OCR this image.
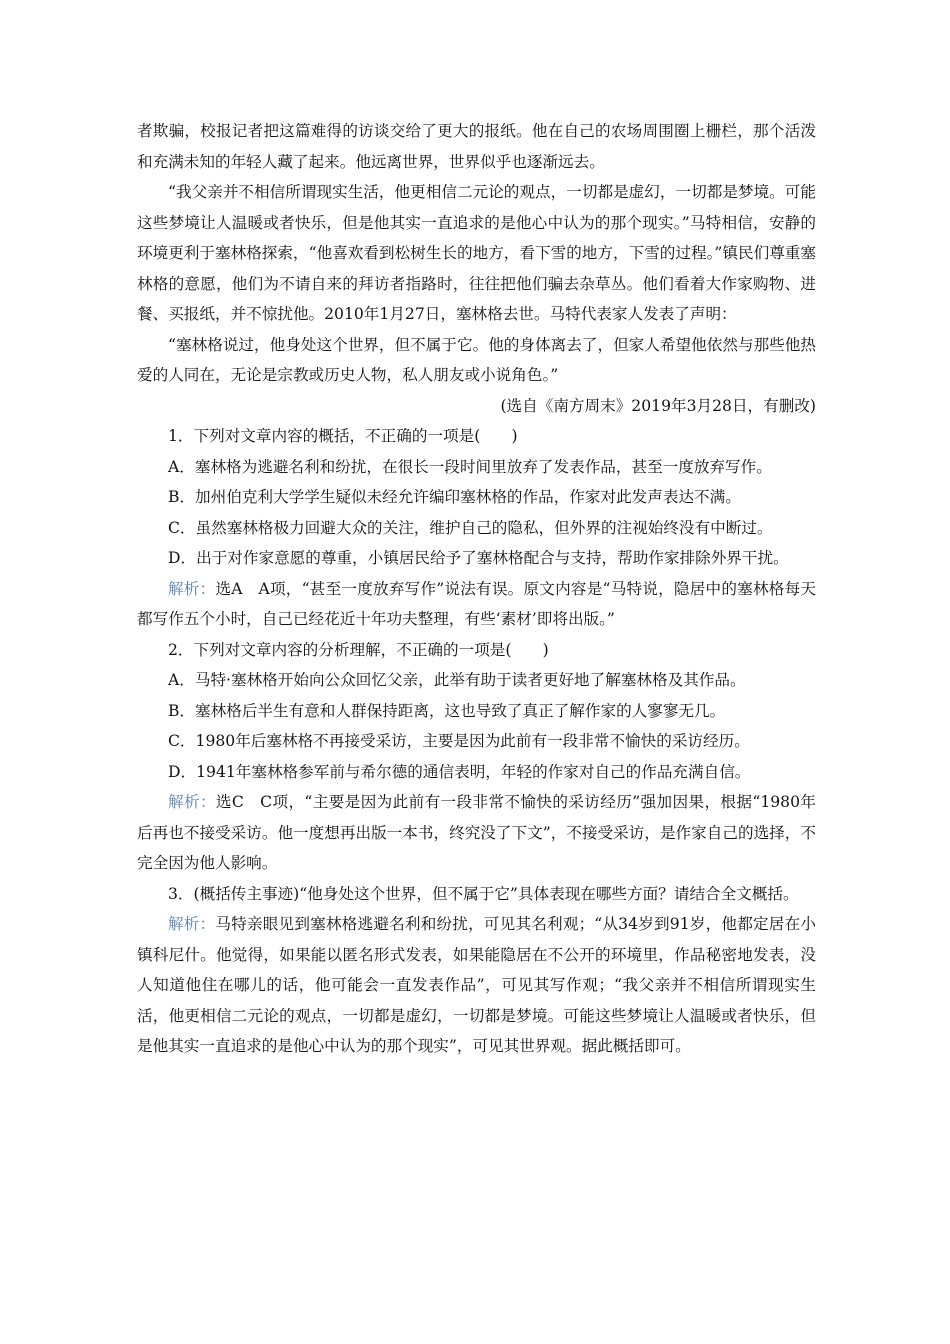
者欺骗，校报记者把这篇难得的访谈交给了更大的报纸。他在自己的农场周围圈上栅栏，那个活泼和充满未知的年轻人藏了起来。他远离世界，世界似乎也逐渐远去。

“我父亲并不相信所谓现实生活，他更相信二元论的观点，一切都是虚幻，一切都是梦境。可能这些梦境让人温暖或者快乐，但是他其实一直追求的是他心中认为的那个现实。”马特相信，安静的环境更利于塞林格探索，“他喜欢看到松树生长的地方，看下雪的地方，下雪的过程。”镇民们尊重塞林格的意愿，他们为不请自来的拜访者指路时，往往把他们骗去杂草丛。他们看着大作家购物、进餐、买报纸，并不惊扰他。2010年1月27日，塞林格去世。马特代表家人发表了声明：

“塞林格说过，他身处这个世界，但不属于它。他的身体离去了，但家人希望他依然与那些他热爱的人同在，无论是宗教或历史人物，私人朋友或小说角色。”

(选自《南方周末》2019年3月28日，有删改)

1．下列对文章内容的概括，不正确的一项是(　　)

A．塞林格为逃避名利和纷扰，在很长一段时间里放弃了发表作品，甚至一度放弃写作。

B．加州伯克利大学学生疑似未经允许编印塞林格的作品，作家对此发声表达不满。

C．虽然塞林格极力回避大众的关注，维护自己的隐私，但外界的注视始终没有中断过。

D．出于对作家意愿的尊重，小镇居民给予了塞林格配合与支持，帮助作家排除外界干扰。

解析：选A　A项，“甚至一度放弃写作”说法有误。原文内容是“马特说，隐居中的塞林格每天都写作五个小时，自己已经花近十年功夫整理，有些‘素材’即将出版。”

2．下列对文章内容的分析理解，不正确的一项是(　　)

A．马特·塞林格开始向公众回忆父亲，此举有助于读者更好地了解塞林格及其作品。

B．塞林格后半生有意和人群保持距离，这也导致了真正了解作家的人寥寥无几。

C．1980年后塞林格不再接受采访，主要是因为此前有一段非常不愉快的采访经历。

D．1941年塞林格参军前与希尔德的通信表明，年轻的作家对自己的作品充满自信。

解析：选C　C项，“主要是因为此前有一段非常不愉快的采访经历”强加因果，根据“1980年后再也不接受采访。他一度想再出版一本书，终究没了下文”，不接受采访，是作家自己的选择，不完全因为他人影响。

3．(概括传主事迹)“他身处这个世界，但不属于它”具体表现在哪些方面？请结合全文概括。

解析：马特亲眼见到塞林格逃避名利和纷扰，可见其名利观；“从34岁到91岁，他都定居在小镇科尼什。他觉得，如果能以匿名形式发表，如果能隐居在不公开的环境里，作品秘密地发表，没人知道他住在哪儿的话，他可能会一直发表作品”，可见其写作观；“我父亲并不相信所谓现实生活，他更相信二元论的观点，一切都是虚幻，一切都是梦境。可能这些梦境让人温暖或者快乐，但是他其实一直追求的是他心中认为的那个现实”，可见其世界观。据此概括即可。
